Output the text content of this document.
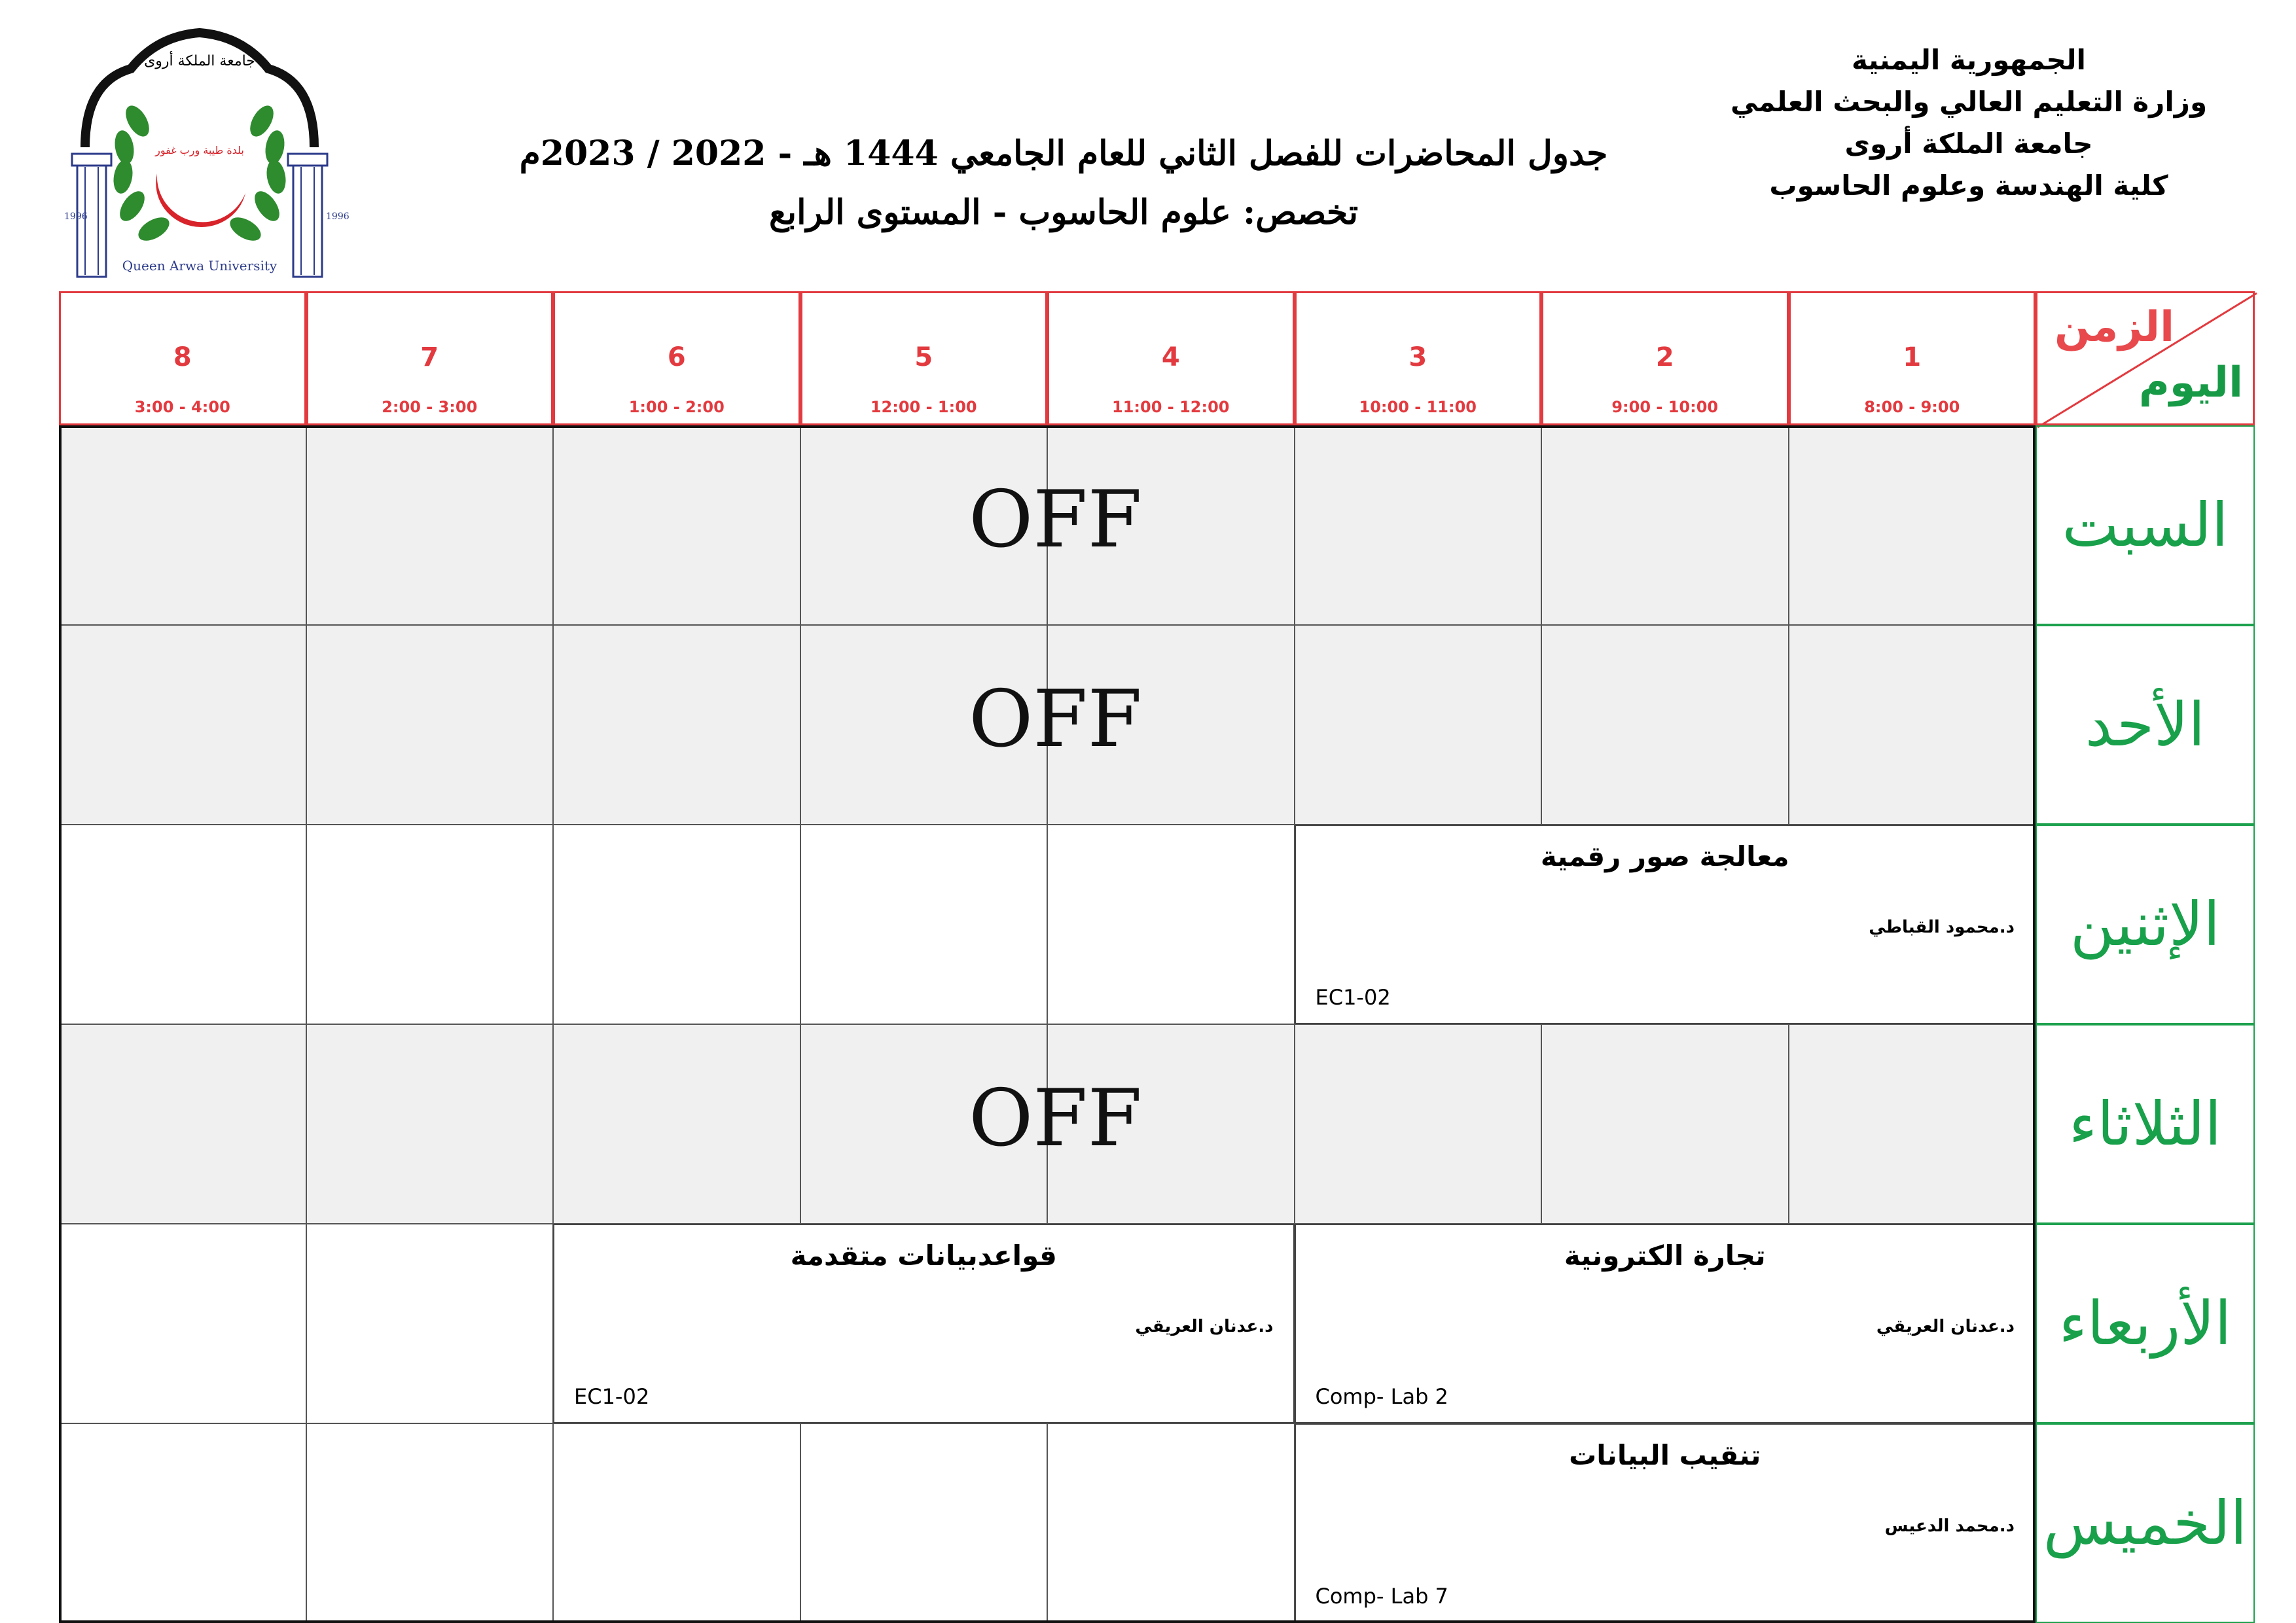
الجمهورية اليمنية
وزارة التعليم العالي والبحث العلمي
جامعة الملكة أروى
كلية الهندسة وعلوم الحاسوب
جدول المحاضرات للفصل الثاني للعام الجامعي 1444 هـ - 2022 / 2023م
تخصص: علوم الحاسوب - المستوى الرابع
جامعة الملكة أروى
بلدة طيبة ورب غفور
1996	1996
Queen Arwa University
الزمن
اليوم
1
8:00 - 9:00
2
9:00 - 10:00
3
10:00 - 11:00
4
11:00 - 12:00
5
12:00 - 1:00
6
1:00 - 2:00
7
2:00 - 3:00
8
3:00 - 4:00
السبت
OFF
الأحد
OFF
الإثنين
الثلاثاء
OFF
الأربعاء
الخميس
معالجة صور رقمية
د.محمود القباطي
EC1-02
تجارة الكترونية
د.عدنان العريقي
Comp- Lab 2
قواعدبيانات متقدمة
د.عدنان العريقي
EC1-02
تنقيب البيانات
د.محمد الدعيس
Comp- Lab 7
